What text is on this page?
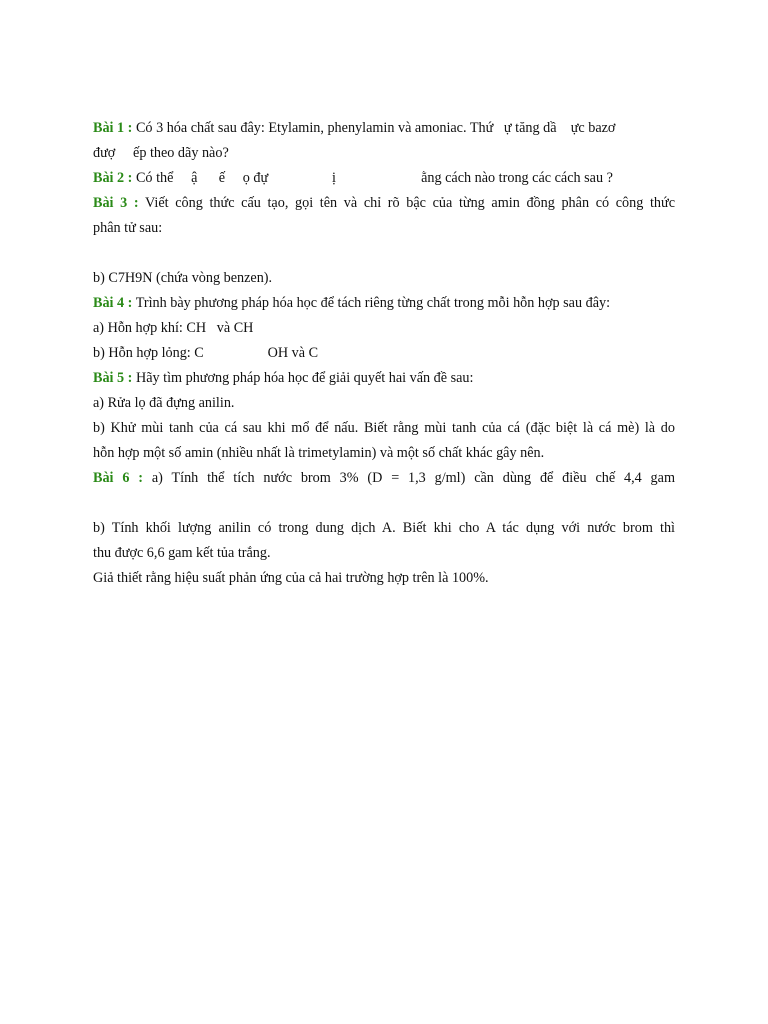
Bài 1 : Có 3 hóa chất sau đây: Etylamin, phenylamin và amoniac. Thứ   ự tăng dầ    ực bazơ
đượ     ếp theo dãy nào?
Bài 2 : Có thể     ậ      ế     ọ đự                  ị                        ằng cách nào trong các cách sau ?
Bài 3 : Viết công thức cấu tạo, gọi tên và chỉ rõ bậc của từng amin đồng phân có công thức
phân tử sau:
b) C7H9N (chứa vòng benzen).
Bài 4 : Trình bày phương pháp hóa học để tách riêng từng chất trong mỗi hỗn hợp sau đây:
a) Hỗn hợp khí: CH   và CH
b) Hỗn hợp lỏng: C                  OH và C
Bài 5 : Hãy tìm phương pháp hóa học để giải quyết hai vấn đề sau:
a) Rửa lọ đã đựng anilin.
b) Khử mùi tanh của cá sau khi mổ để nấu. Biết rằng mùi tanh của cá (đặc biệt là cá mè) là do
hỗn hợp một số amin (nhiều nhất là trimetylamin) và một số chất khác gây nên.
Bài 6 : a) Tính thể tích nước brom 3% (D = 1,3 g/ml) cần dùng để điều chế 4,4 gam
b) Tính khối lượng anilin có trong dung dịch A. Biết khi cho A tác dụng với nước brom thì
thu được 6,6 gam kết tủa trắng.
Giả thiết rằng hiệu suất phản ứng của cả hai trường hợp trên là 100%.
